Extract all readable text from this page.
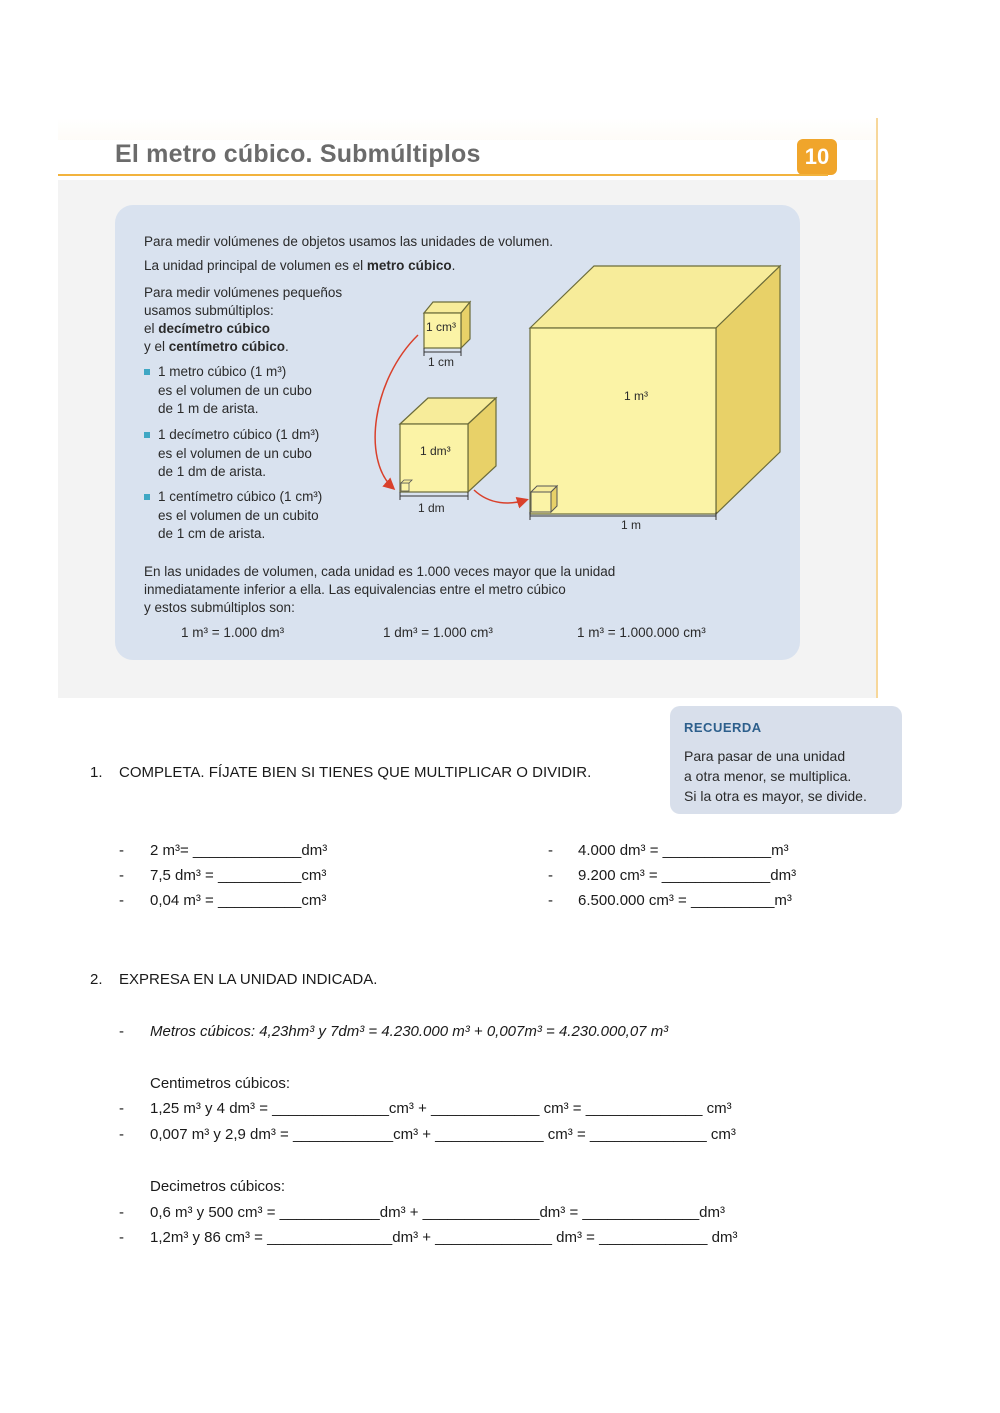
El metro cúbico. Submúltiplos	10
Para medir volúmenes de objetos usamos las unidades de volumen.
La unidad principal de volumen es el metro cúbico.
Para medir volúmenes pequeños
usamos submúltiplos:
el decímetro cúbico
y el centímetro cúbico.
1 metro cúbico (1 m³)
es el volumen de un cubo
de 1 m de arista.
1 decímetro cúbico (1 dm³)
es el volumen de un cubo
de 1 dm de arista.
1 centímetro cúbico (1 cm³)
es el volumen de un cubito
de 1 cm de arista.
En las unidades de volumen, cada unidad es 1.000 veces mayor que la unidad
inmediatamente inferior a ella. Las equivalencias entre el metro cúbico
y estos submúltiplos son:
1 m³ = 1.000 dm³	1 dm³ = 1.000 cm³	1 m³ = 1.000.000 cm³
1 cm³
1 cm
1 dm³
1 dm
1 m³
1 m
RECUERDA
Para pasar de una unidad
a otra menor, se multiplica.
Si la otra es mayor, se divide.
1. COMPLETA. FÍJATE BIEN SI TIENES QUE MULTIPLICAR O DIVIDIR.
-
-
-
2 m³= _____________dm³
7,5 dm³ = __________cm³
0,04 m³ = __________cm³
-
-
-
4.000 dm³ = _____________m³
9.200 cm³ = _____________dm³
6.500.000 cm³ = __________m³
2. EXPRESA EN LA UNIDAD INDICADA.
- Metros cúbicos: 4,23hm³ y 7dm³ = 4.230.000 m³ + 0,007m³ = 4.230.000,07 m³
Centimetros cúbicos:
-
-
1,25 m³ y 4 dm³ = ______________cm³ + _____________ cm³ = ______________ cm³
0,007 m³ y 2,9 dm³ = ____________cm³ + _____________ cm³ = ______________ cm³
Decimetros cúbicos:
-
-
0,6 m³ y 500 cm³ = ____________dm³ + ______________dm³ = ______________dm³
1,2m³ y 86 cm³ = _______________dm³ + ______________ dm³ = _____________ dm³
